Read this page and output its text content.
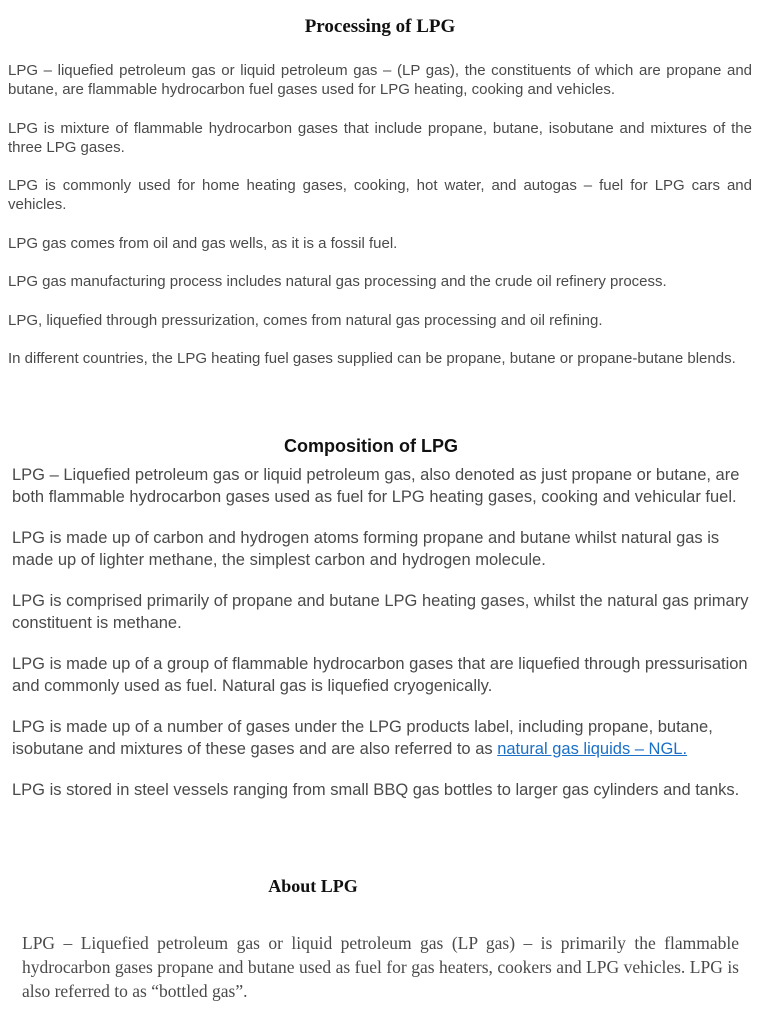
Processing of LPG

LPG – liquefied petroleum gas or liquid petroleum gas – (LP gas), the constituents of which are propane and butane, are flammable hydrocarbon fuel gases used for LPG heating, cooking and vehicles.

LPG is mixture of flammable hydrocarbon gases that include propane, butane, isobutane and mixtures of the three LPG gases.

LPG is commonly used for home heating gases, cooking, hot water, and autogas – fuel for LPG cars and vehicles.

LPG gas comes from oil and gas wells, as it is a fossil fuel.

LPG gas manufacturing process includes natural gas processing and the crude oil refinery process.

LPG, liquefied through pressurization, comes from natural gas processing and oil refining.

In different countries, the LPG heating fuel gases supplied can be propane, butane or propane-butane blends.

Composition of LPG

LPG – Liquefied petroleum gas or liquid petroleum gas, also denoted as just propane or butane, are both flammable hydrocarbon gases used as fuel for LPG heating gases, cooking and vehicular fuel.

LPG is made up of carbon and hydrogen atoms forming propane and butane whilst natural gas is made up of lighter methane, the simplest carbon and hydrogen molecule.

LPG is comprised primarily of propane and butane LPG heating gases, whilst the natural gas primary constituent is methane.

LPG is made up of a group of flammable hydrocarbon gases that are liquefied through pressurisation and commonly used as fuel. Natural gas is liquefied cryogenically.

LPG is made up of a number of gases under the LPG products label, including propane, butane, isobutane and mixtures of these gases and are also referred to as natural gas liquids – NGL.

LPG is stored in steel vessels ranging from small BBQ gas bottles to larger gas cylinders and tanks.

About LPG

LPG – Liquefied petroleum gas or liquid petroleum gas (LP gas) – is primarily the flammable hydrocarbon gases propane and butane used as fuel for gas heaters, cookers and LPG vehicles. LPG is also referred to as “bottled gas”.
